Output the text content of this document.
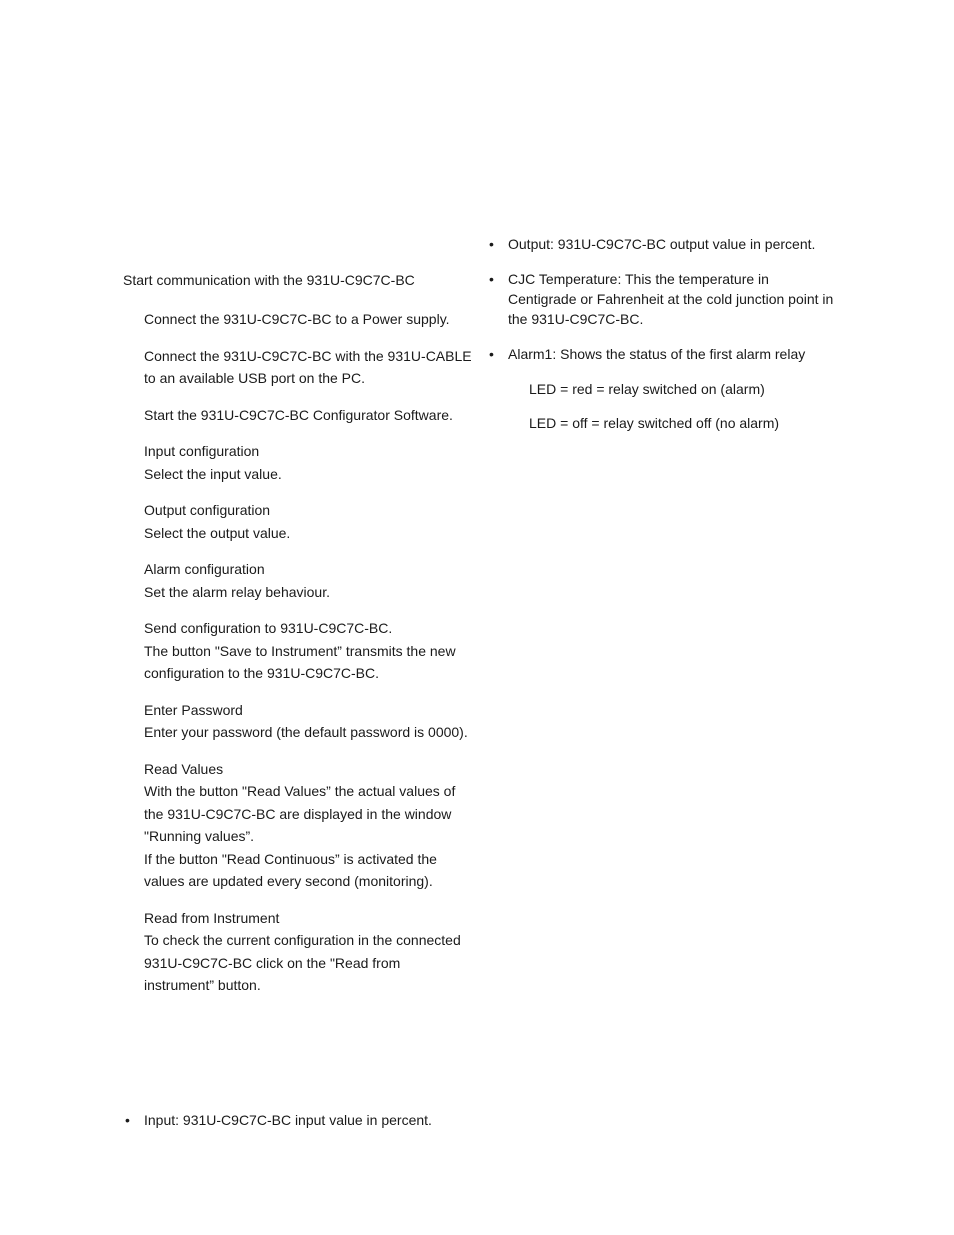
Start communication with the 931U-C9C7C-BC

Connect the 931U-C9C7C-BC to a Power supply.

Connect the 931U-C9C7C-BC with the 931U-CABLE to an available USB port on the PC.

Start the 931U-C9C7C-BC Configurator Software.

Input configuration

Select the input value.

Output configuration

Select the output value.

Alarm configuration

Set the alarm relay behaviour.

Send configuration to 931U-C9C7C-BC.

The button "Save to Instrument” transmits the new configuration to the 931U-C9C7C-BC.

Enter Password

Enter your password (the default password is 0000).

Read Values

With the button "Read Values” the actual values of the 931U-C9C7C-BC are displayed in the window "Running values”.

If the button "Read Continuous” is activated the values are updated every second (monitoring).

Read from Instrument

To check the current configuration in the connected 931U-C9C7C-BC click on the "Read from instrument” button.

• Input: 931U-C9C7C-BC input value in percent.
• Output: 931U-C9C7C-BC output value in percent.
• CJC Temperature: This the temperature in Centigrade or Fahrenheit at the cold junction point in the 931U-C9C7C-BC.
• Alarm1: Shows the status of the first alarm relay

LED = red = relay switched on (alarm)

LED = off = relay switched off (no alarm)
